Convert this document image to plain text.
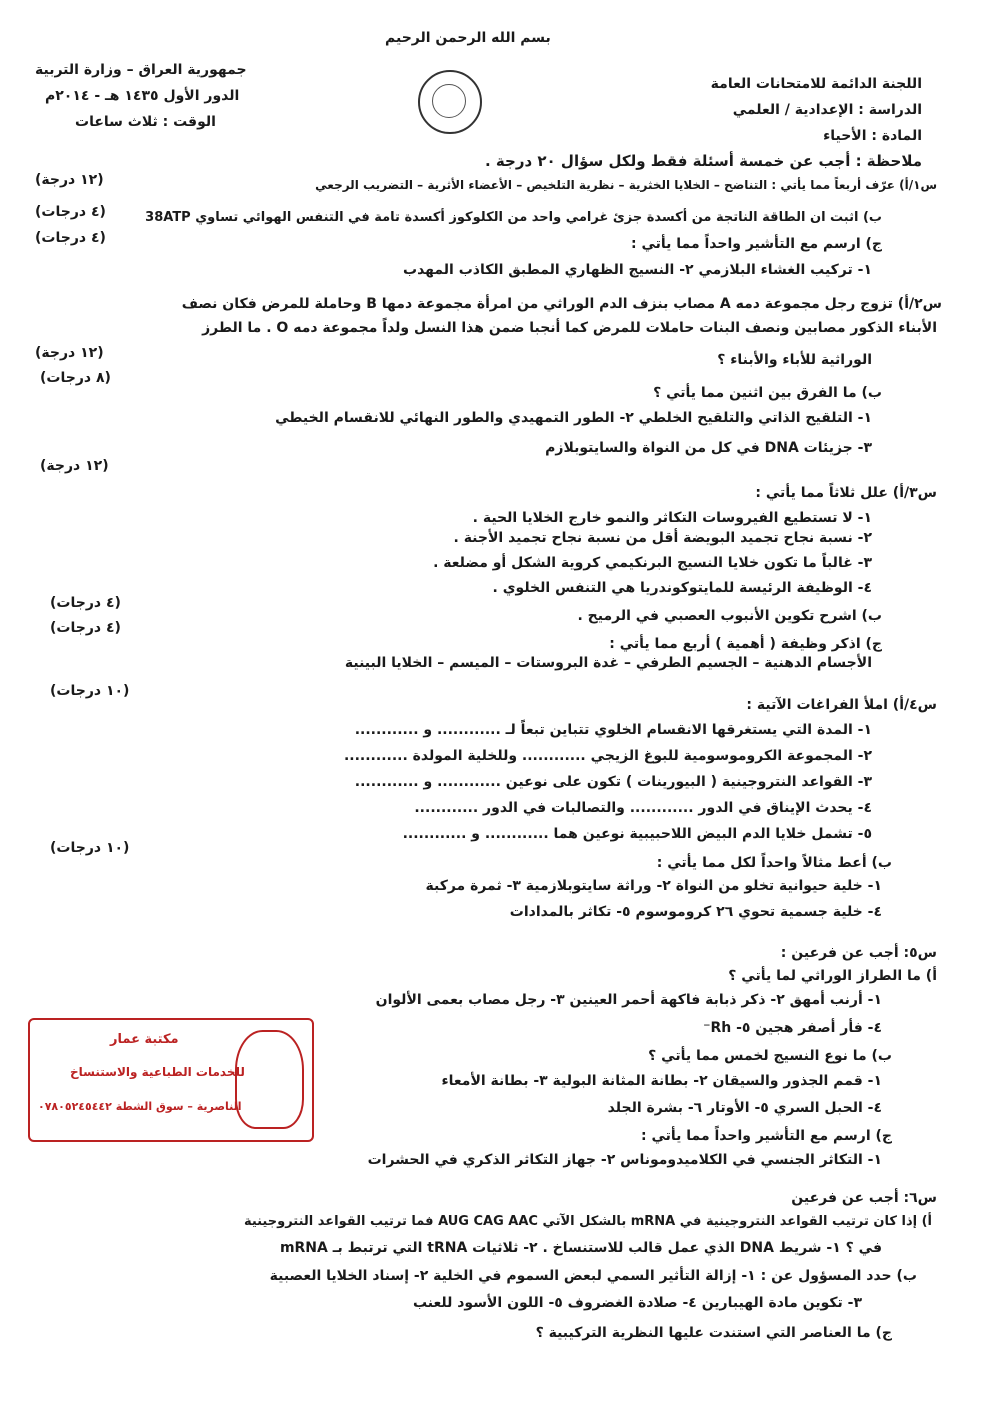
بسم الله الرحمن الرحيم
اللجنة الدائمة للامتحانات العامة
الدراسة : الإعدادية / العلمي
المادة : الأحياء
جمهورية العراق – وزارة التربية
الدور الأول ١٤٣٥ هـ - ٢٠١٤م
الوقت : ثلاث ساعات
ملاحظة : أجب عن خمسة أسئلة فقط ولكل سؤال ٢٠ درجة .
س١/أ) عرّف أربعاً مما يأتي : التناضح – الخلايا الخثرية – نظرية التلخيص – الأعضاء الأثرية – التضريب الرجعي
(١٢ درجة)
ب) اثبت ان الطاقة الناتجة من أكسدة جزئ غرامي واحد من الكلوكوز أكسدة تامة في التنفس الهوائي تساوي 38ATP
(٤ درجات)
ج) ارسم مع التأشير واحداً مما يأتي :
(٤ درجات)
١- تركيب الغشاء البلازمي ٢- النسيج الظهاري المطبق الكاذب المهدب
س٢/أ) تزوج رجل مجموعة دمه A مصاب بنزف الدم الوراثي من امرأة مجموعة دمها B وحاملة للمرض فكان نصف
الأبناء الذكور مصابين ونصف البنات حاملات للمرض كما أنجبا ضمن هذا النسل ولداً مجموعة دمه O . ما الطرز
الوراثية للأباء والأبناء ؟
(١٢ درجة)
ب) ما الفرق بين اثنين مما يأتي ؟
(٨ درجات)
١- التلقيح الذاتي والتلقيح الخلطي ٢- الطور التمهيدي والطور النهائي للانقسام الخيطي
٣- جزيئات DNA في كل من النواة والسايتوبلازم
س٣/أ) علل ثلاثاً مما يأتي :
(١٢ درجة)
١- لا تستطيع الفيروسات التكاثر والنمو خارج الخلايا الحية .
٢- نسبة نجاح تجميد البويضة أقل من نسبة نجاح تجميد الأجنة .
٣- غالباً ما تكون خلايا النسيج البرنكيمي كروية الشكل أو مضلعة .
٤- الوظيفة الرئيسة للمايتوكوندريا هي التنفس الخلوي .
ب) اشرح تكوين الأنبوب العصبي في الرميح .
(٤ درجات)
ج) اذكر وظيفة ( أهمية ) أربع مما يأتي :
(٤ درجات)
الأجسام الدهنية – الجسيم الطرفي – غدة البروستات – الميسم – الخلايا البينية
س٤/أ) املأ الفراغات الآتية :
(١٠ درجات)
١- المدة التي يستغرقها الانقسام الخلوي تتباين تبعاً لـ ............ و ............
٢- المجموعة الكروموسومية للبوغ الزيجي ............ وللخلية المولدة ............
٣- القواعد النتروجينية ( البيورينات ) تكون على نوعين ............ و ............
٤- يحدث الإيناق في الدور ............ والتصالبات في الدور ............
٥- تشمل خلايا الدم البيض اللاحبيبية نوعين هما ............ و ............
ب) أعط مثالاً واحداً لكل مما يأتي :
(١٠ درجات)
١- خلية حيوانية تخلو من النواة ٢- وراثة سايتوبلازمية ٣- ثمرة مركبة
٤- خلية جسمية تحوي ٢٦ كروموسوم ٥- تكاثر بالمدادات
س٥: أجب عن فرعين :
أ) ما الطراز الوراثي لما يأتي ؟
١- أرنب أمهق ٢- ذكر ذبابة فاكهة أحمر العينين ٣- رجل مصاب بعمى الألوان
٤- فأر أصفر هجين ٥- Rh⁻
ب) ما نوع النسيج لخمس مما يأتي ؟
١- قمم الجذور والسيقان ٢- بطانة المثانة البولية ٣- بطانة الأمعاء
٤- الحبل السري ٥- الأوتار ٦- بشرة الجلد
ج) ارسم مع التأشير واحداً مما يأتي :
١- التكاثر الجنسي في الكلاميدوموناس ٢- جهاز التكاثر الذكري في الحشرات
مكتبة عمار
للخدمات الطباعية والاستنساخ
الناصرية – سوق الشطة ٠٧٨٠٥٢٤٥٤٤٢
س٦: أجب عن فرعين
أ) إذا كان ترتيب القواعد النتروجينية في mRNA بالشكل الآتي AUG CAG AAC فما ترتيب القواعد النتروجينية
في ؟ ١- شريط DNA الذي عمل قالب للاستنساخ . ٢- ثلاثيات tRNA التي ترتبط بـ mRNA
ب) حدد المسؤول عن : ١- إزالة التأثير السمي لبعض السموم في الخلية ٢- إسناد الخلايا العصبية
٣- تكوين مادة الهيبارين ٤- صلادة الغضروف ٥- اللون الأسود للعنب
ج) ما العناصر التي استندت عليها النظرية التركيبية ؟
